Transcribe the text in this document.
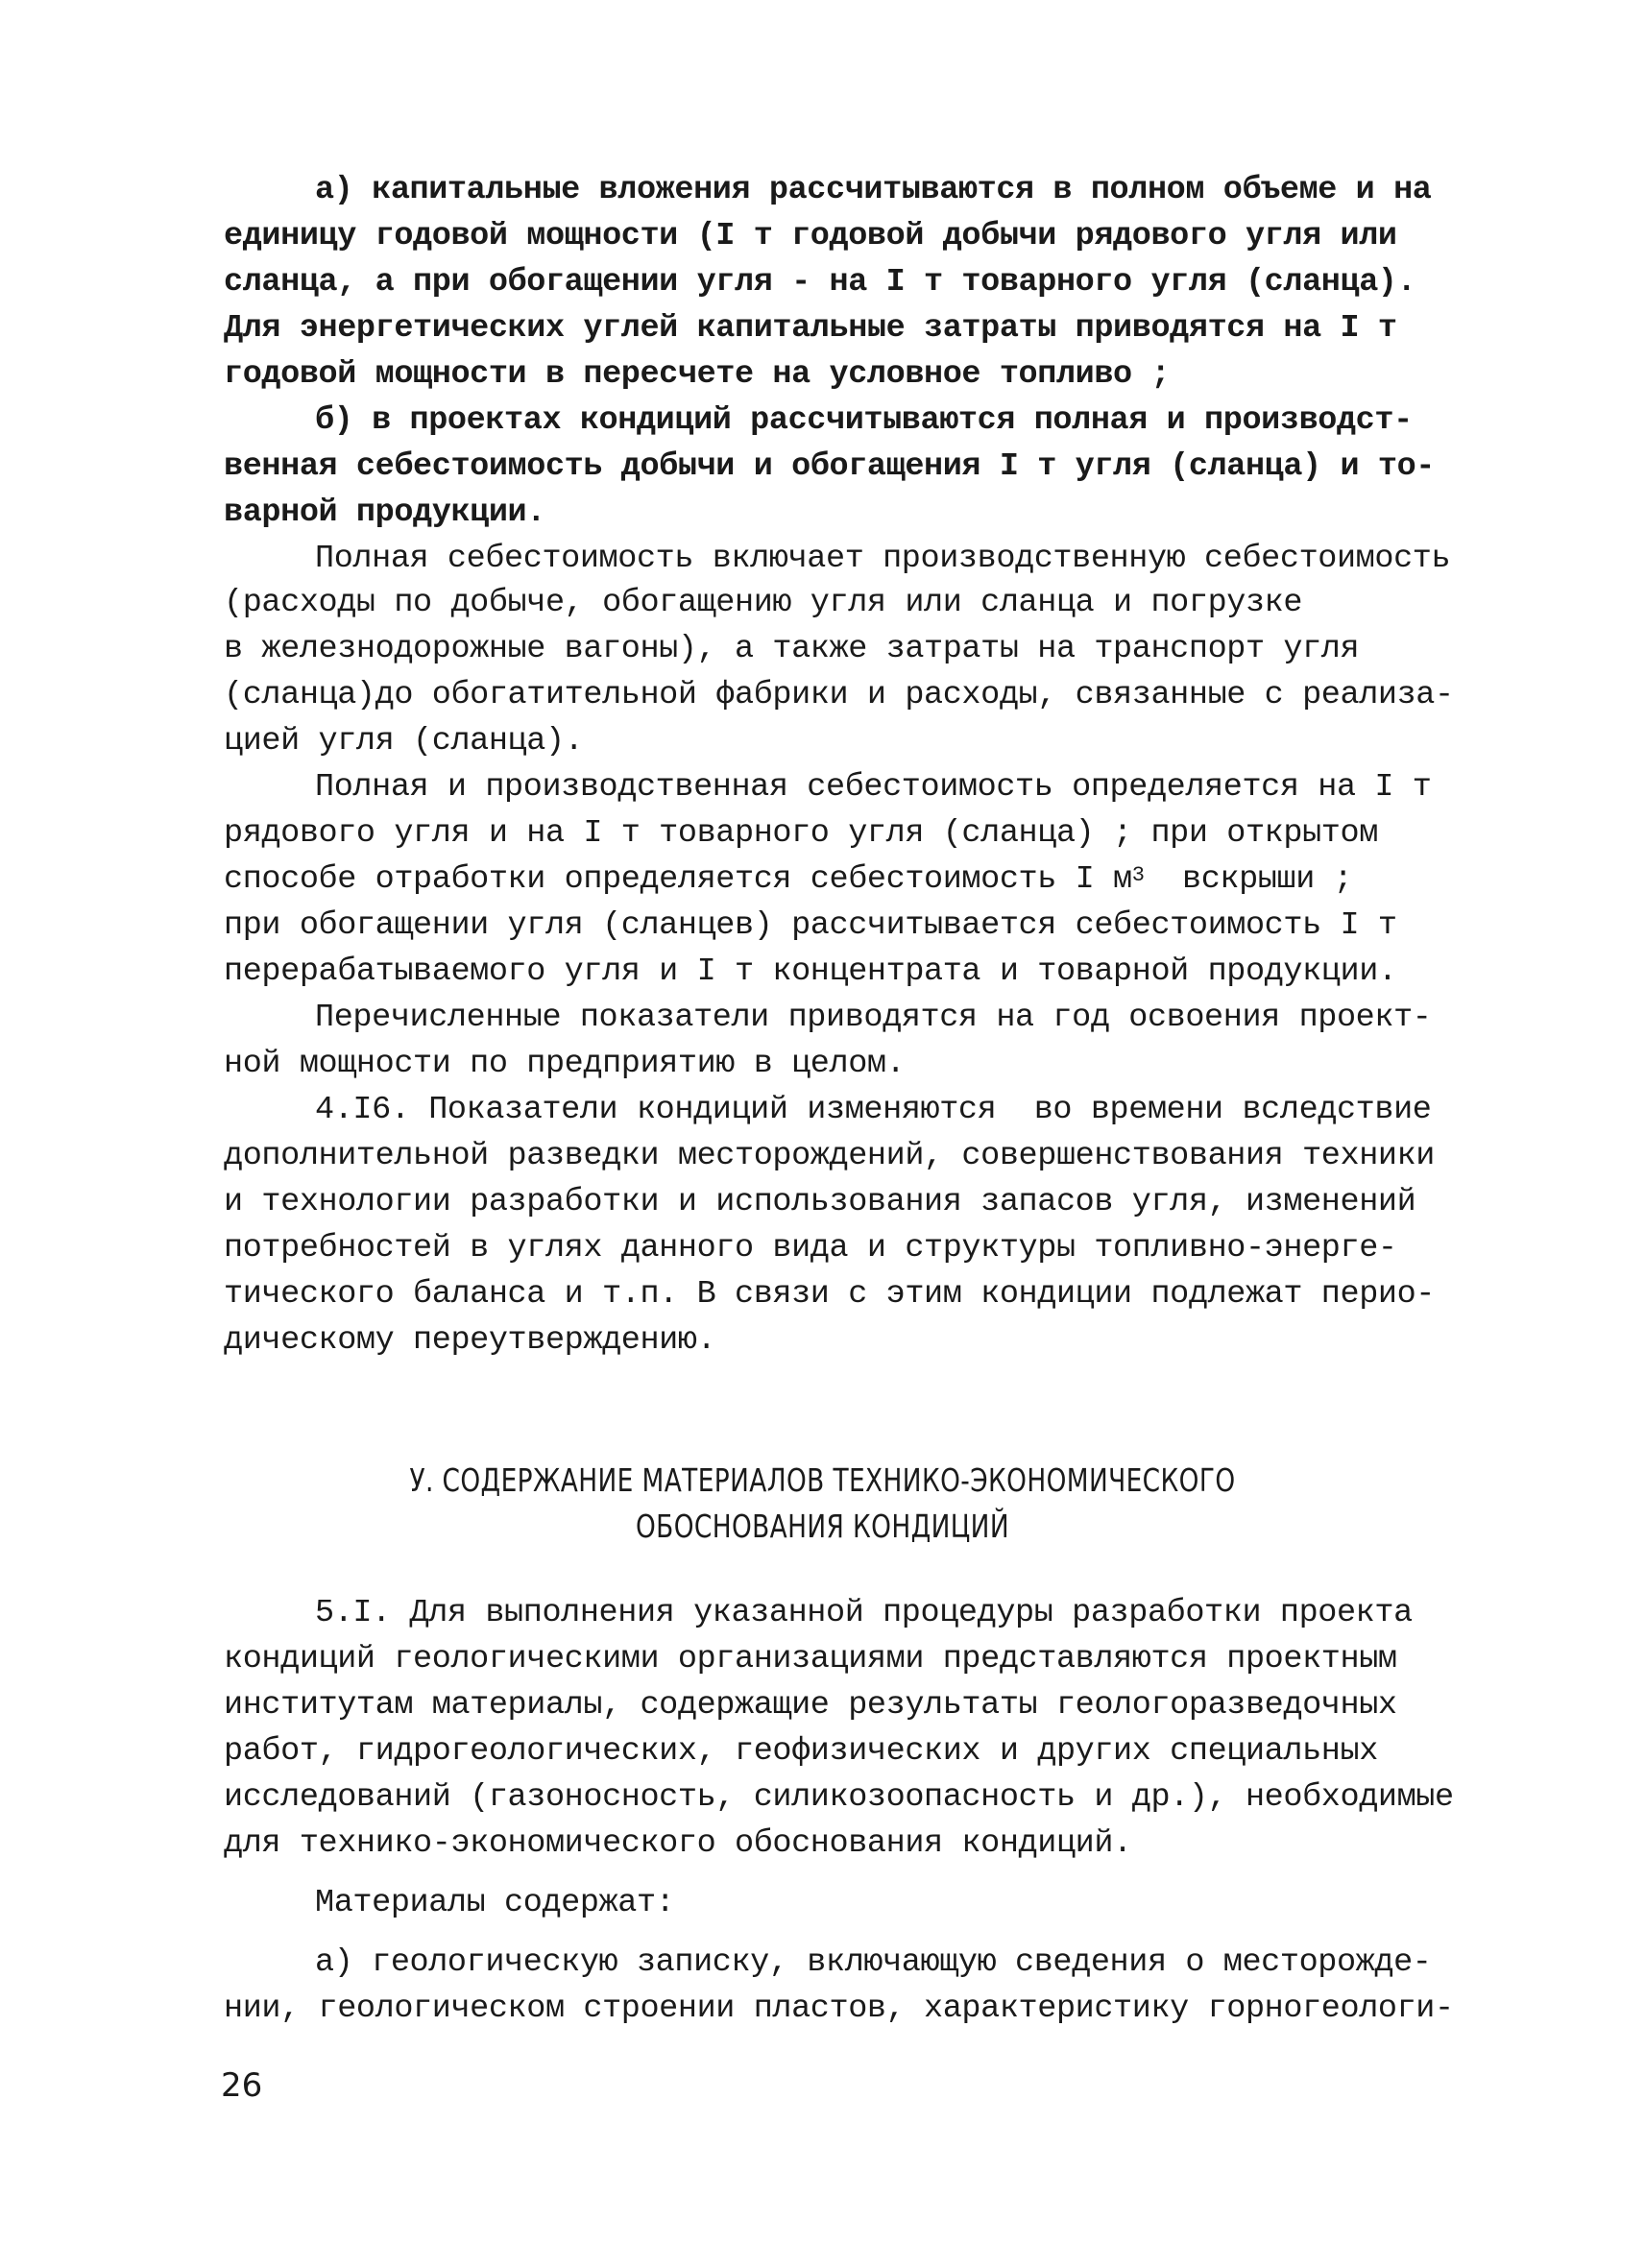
а) капитальные вложения рассчитываются в полном объеме и на
единицу годовой мощности (I т годовой добычи рядового угля или
сланца, а при обогащении угля - на I т товарного угля (сланца).
Для энергетических углей капитальные затраты приводятся на I т
годовой мощности в пересчете на условное топливо ;
б) в проектах кондиций рассчитываются полная и производст-
венная себестоимость добычи и обогащения I т угля (сланца) и то-
варной продукции.
Полная себестоимость включает производственную себестоимость
(расходы по добыче, обогащению угля или сланца и погрузке
в железнодорожные вагоны), а также затраты на транспорт угля
(сланца)до обогатительной фабрики и расходы, связанные с реализа-
цией угля (сланца).
Полная и производственная себестоимость определяется на I т
рядового угля и на I т товарного угля (сланца) ; при открытом
способе отработки определяется себестоимость I $м^3$  вскрыши ;
при обогащении угля (сланцев) рассчитывается себестоимость I т
перерабатываемого угля и I т концентрата и товарной продукции.
Перечисленные показатели приводятся на год освоения проект-
ной мощности по предприятию в целом.
4.I6. Показатели кондиций изменяются  во времени вследствие
дополнительной разведки месторождений, совершенствования техники
и технологии разработки и использования запасов угля, изменений
потребностей в углях данного вида и структуры топливно-энерге-
тического баланса и т.п. В связи с этим кондиции подлежат перио-
дическому переутверждению.
У. СОДЕРЖАНИЕ МАТЕРИАЛОВ ТЕХНИКО-ЭКОНОМИЧЕСКОГО
ОБОСНОВАНИЯ КОНДИЦИЙ
5.I. Для выполнения указанной процедуры разработки проекта
кондиций геологическими организациями представляются проектным
институтам материалы, содержащие результаты геологоразведочных
работ, гидрогеологических, геофизических и других специальных
исследований (газоносность, силикозоопасность и др.), необходимые
для технико-экономического обоснования кондиций.
Материалы содержат:
а) геологическую записку, включающую сведения о месторожде-
нии, геологическом строении пластов, характеристику горногеологи-
26
